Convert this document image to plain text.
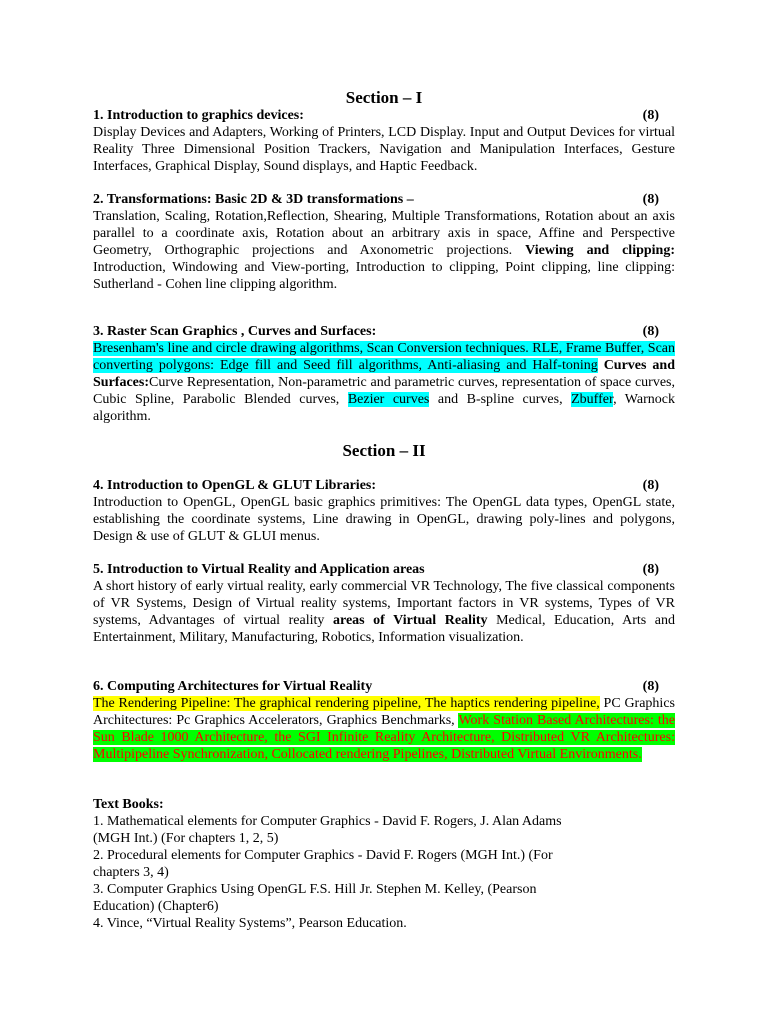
Section – I
1. Introduction to graphics devices:	(8)

Display Devices and Adapters, Working of Printers, LCD Display. Input and Output Devices for virtual Reality Three Dimensional Position Trackers, Navigation and Manipulation Interfaces, Gesture Interfaces, Graphical Display, Sound displays, and Haptic Feedback.

2. Transformations: Basic 2D & 3D transformations –	(8)

Translation, Scaling, Rotation,Reflection, Shearing, Multiple Transformations, Rotation about an axis parallel to a coordinate axis, Rotation about an arbitrary axis in space, Affine and Perspective Geometry, Orthographic projections and Axonometric projections. Viewing and clipping: Introduction, Windowing and View-porting, Introduction to clipping, Point clipping, line clipping: Sutherland - Cohen line clipping algorithm.

3. Raster Scan Graphics , Curves and Surfaces:	(8)

Bresenham's line and circle drawing algorithms, Scan Conversion techniques. RLE, Frame Buffer, Scan converting polygons: Edge fill and Seed fill algorithms, Anti-aliasing and Half-toning Curves and Surfaces:Curve Representation, Non-parametric and parametric curves, representation of space curves, Cubic Spline, Parabolic Blended curves, Bezier curves and B-spline curves, Zbuffer, Warnock algorithm.

Section – II
4. Introduction to OpenGL & GLUT Libraries:	(8)

Introduction to OpenGL, OpenGL basic graphics primitives: The OpenGL data types, OpenGL state, establishing the coordinate systems, Line drawing in OpenGL, drawing poly-lines and polygons, Design & use of GLUT & GLUI menus.

5. Introduction to Virtual Reality and Application areas	(8)

A short history of early virtual reality, early commercial VR Technology, The five classical components of VR Systems, Design of Virtual reality systems, Important factors in VR systems, Types of VR systems, Advantages of virtual reality areas of Virtual Reality Medical, Education, Arts and Entertainment, Military, Manufacturing, Robotics, Information visualization.

6. Computing Architectures for Virtual Reality	(8)

The Rendering Pipeline: The graphical rendering pipeline, The haptics rendering pipeline, PC Graphics Architectures: Pc Graphics Accelerators, Graphics Benchmarks, Work Station Based Architectures: the Sun Blade 1000 Architecture, the SGI Infinite Reality Architecture, Distributed VR Architectures: Multipipeline Synchronization, Collocated rendering Pipelines, Distributed Virtual Environments.

Text Books:
1. Mathematical elements for Computer Graphics - David F. Rogers, J. Alan Adams
(MGH Int.) (For chapters 1, 2, 5)
2. Procedural elements for Computer Graphics - David F. Rogers (MGH Int.) (For
chapters 3, 4)
3. Computer Graphics Using OpenGL F.S. Hill Jr. Stephen M. Kelley, (Pearson
Education) (Chapter6)
4. Vince, “Virtual Reality Systems”, Pearson Education.
